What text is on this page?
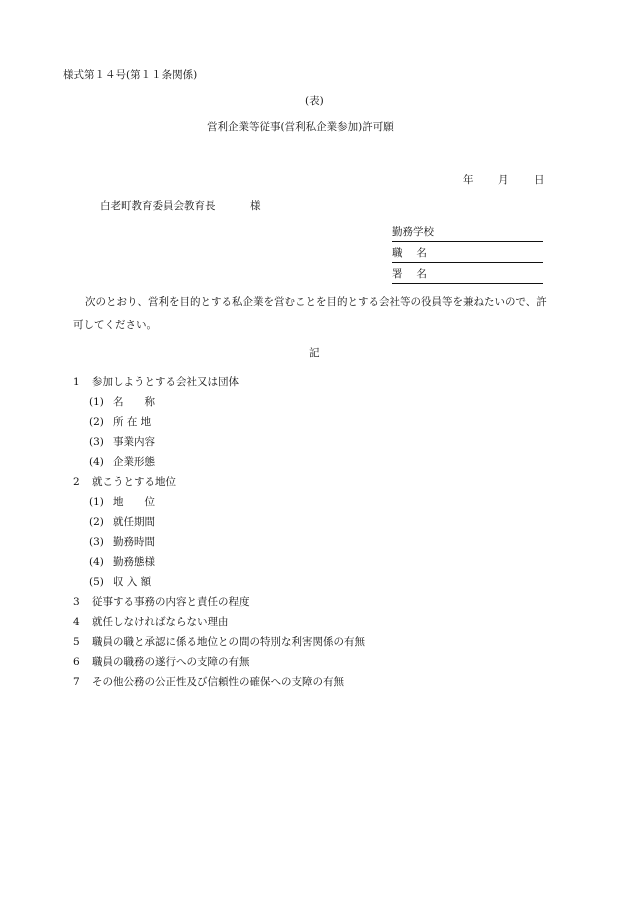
様式第１４号(第１１条関係)
(表)
営利企業等従事(営利私企業参加)許可願
年 月 日
白老町教育委員会教育長	様
勤務学校
職　 名
署　 名
次のとおり、営利を目的とする私企業を営むことを目的とする会社等の役員等を兼ねたいので、許可してください。
記
1 参加しようとする会社又は団体
(1) 名　　称
(2) 所 在 地
(3) 事業内容
(4) 企業形態
2 就こうとする地位
(1) 地　　位
(2) 就任期間
(3) 勤務時間
(4) 勤務態様
(5) 収 入 額
3 従事する事務の内容と責任の程度
4 就任しなければならない理由
5 職員の職と承認に係る地位との間の特別な利害関係の有無
6 職員の職務の遂行への支障の有無
7 その他公務の公正性及び信頼性の確保への支障の有無
